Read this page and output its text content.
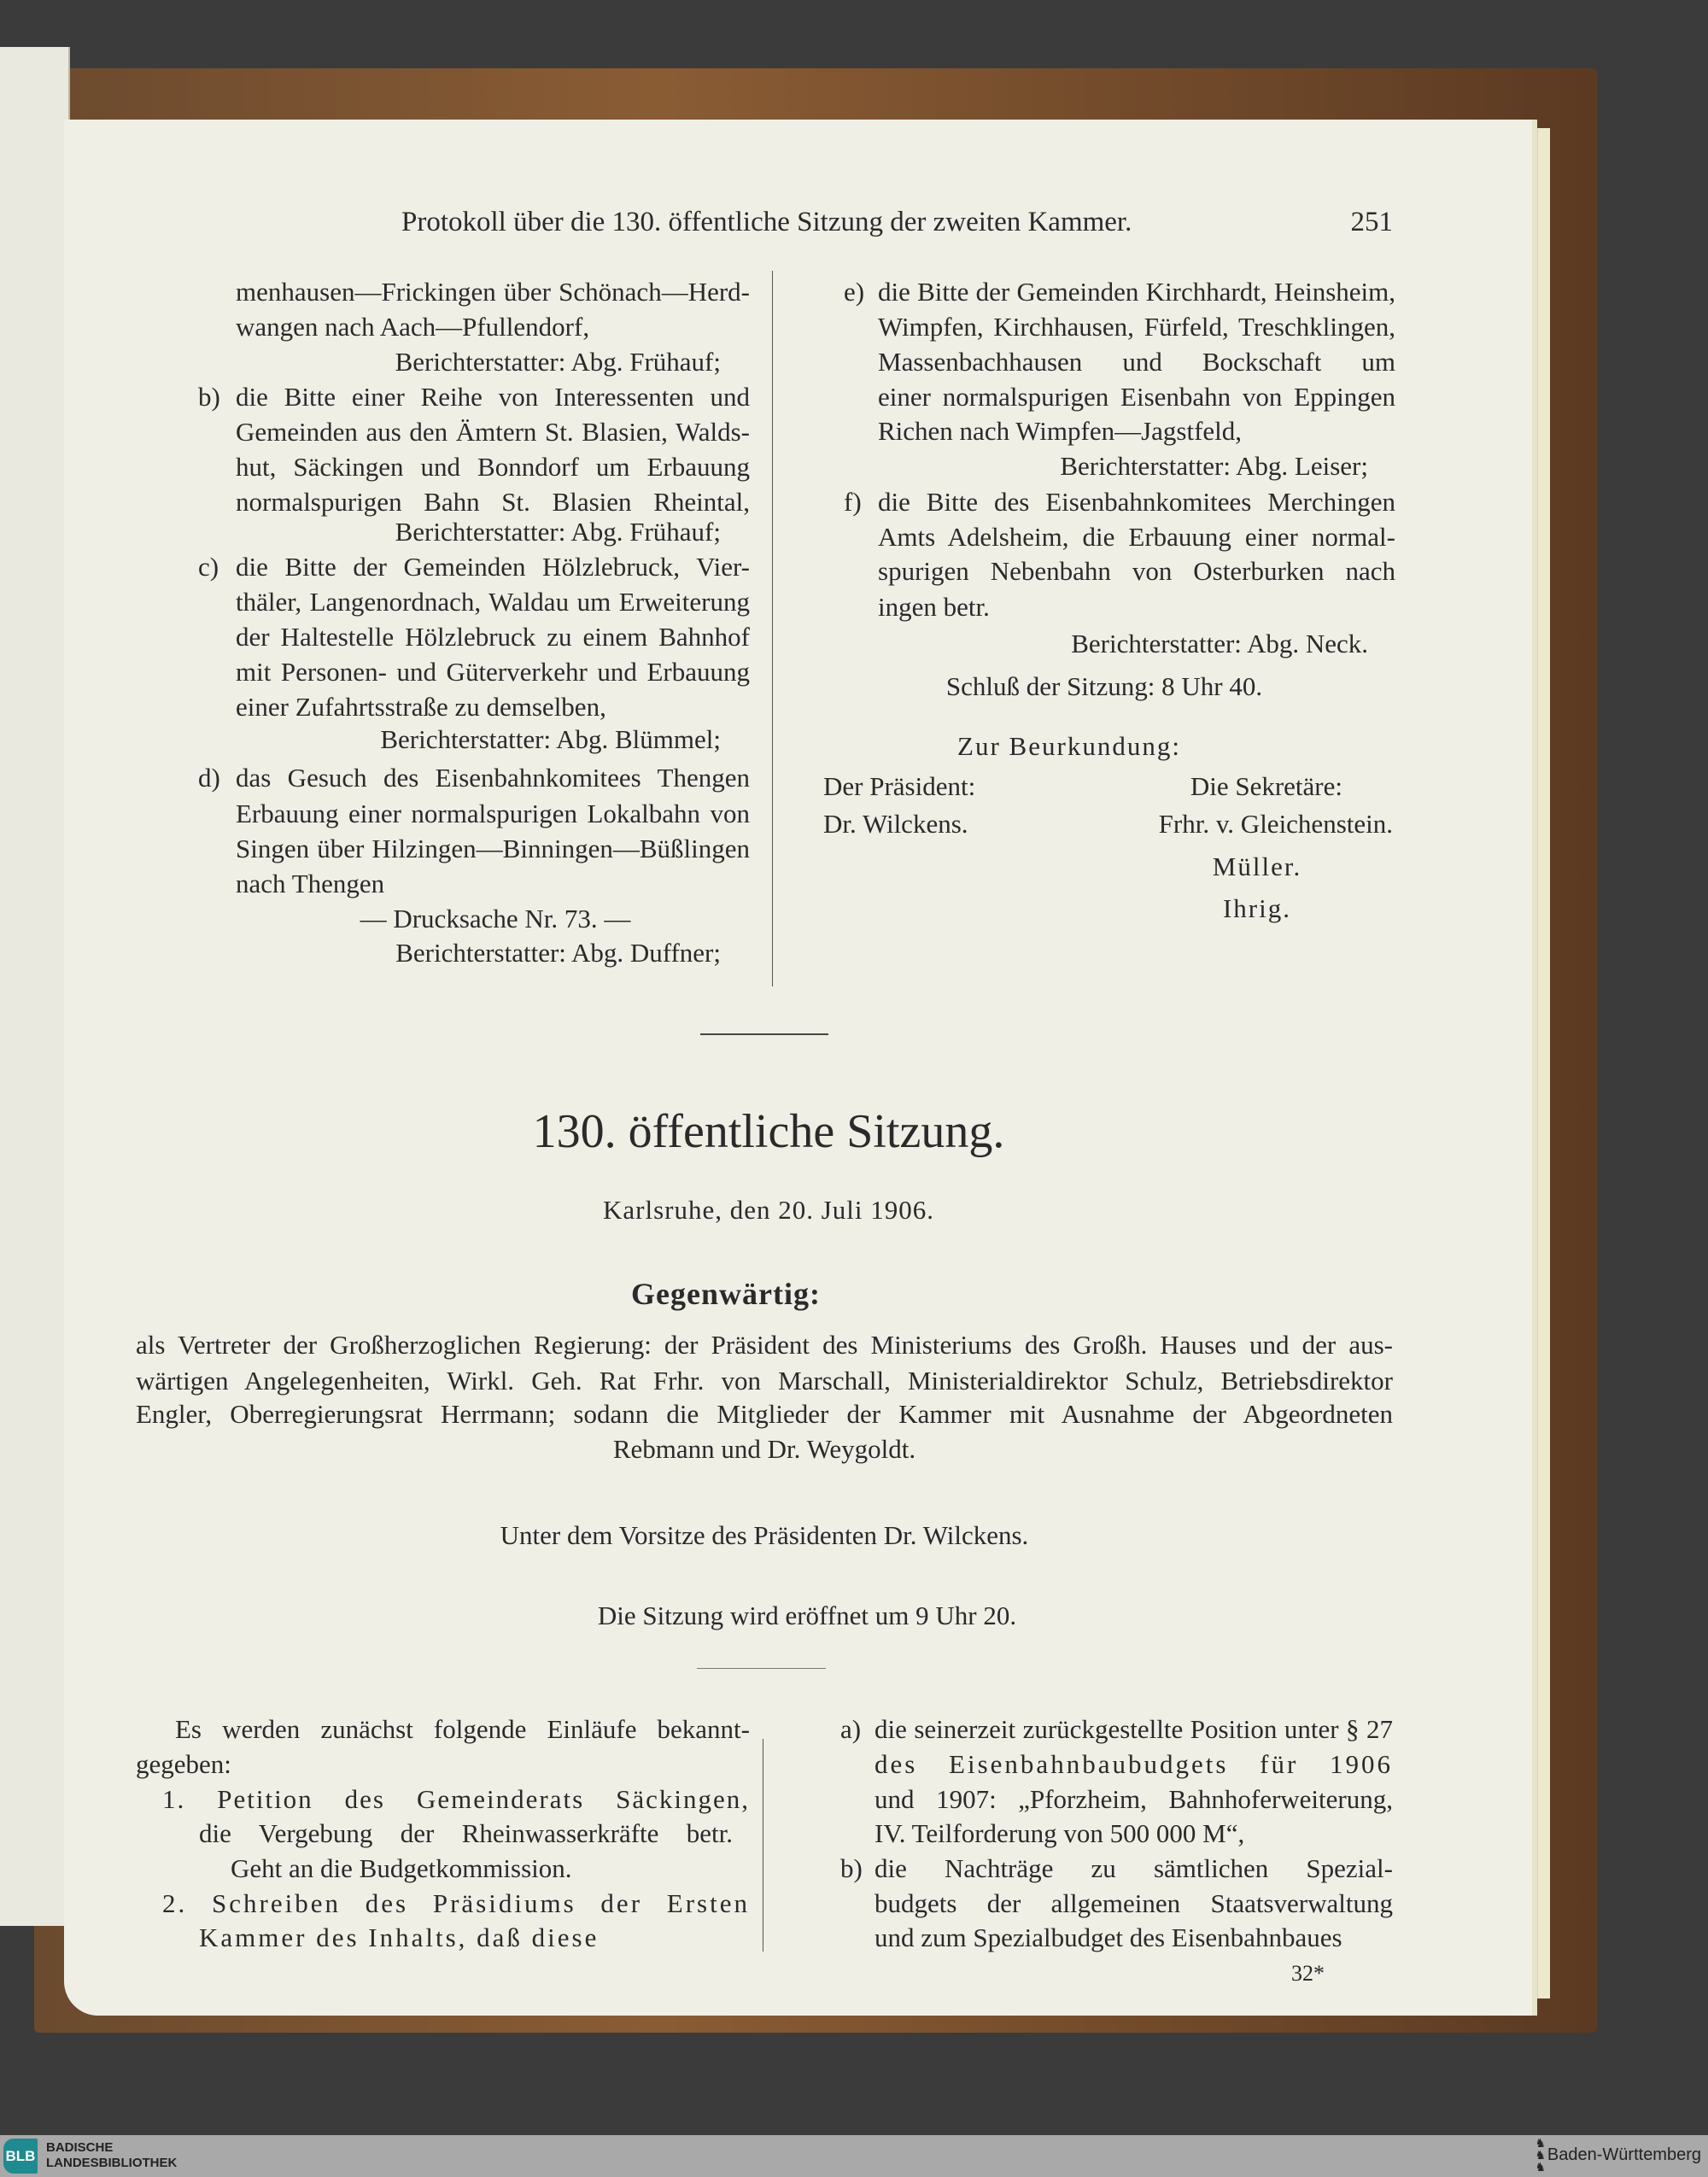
Protokoll über die 130. öffentliche Sitzung der zweiten Kammer.	251
menhausen—Frickingen über Schönach—Herd-
wangen nach Aach—Pfullendorf,
Berichterstatter: Abg. Frühauf;
b) die Bitte einer Reihe von Interessenten und
Gemeinden aus den Ämtern St. Blasien, Walds-
hut, Säckingen und Bonndorf um Erbauung
normalspurigen Bahn St. Blasien Rheintal,
Berichterstatter: Abg. Frühauf;
c) die Bitte der Gemeinden Hölzlebruck, Vier-
thäler, Langenordnach, Waldau um Erweiterung
der Haltestelle Hölzlebruck zu einem Bahnhof
mit Personen- und Güterverkehr und Erbauung
einer Zufahrtsstraße zu demselben,
Berichterstatter: Abg. Blümmel;
d) das Gesuch des Eisenbahnkomitees Thengen
Erbauung einer normalspurigen Lokalbahn von
Singen über Hilzingen—Binningen—Büßlingen
nach Thengen
— Drucksache Nr. 73. —
Berichterstatter: Abg. Duffner;
e) die Bitte der Gemeinden Kirchhardt, Heinsheim,
Wimpfen, Kirchhausen, Fürfeld, Treschklingen,
Massenbachhausen und Bockschaft um
einer normalspurigen Eisenbahn von Eppingen
Richen nach Wimpfen—Jagstfeld,
Berichterstatter: Abg. Leiser;
f) die Bitte des Eisenbahnkomitees Merchingen
Amts Adelsheim, die Erbauung einer normal-
spurigen Nebenbahn von Osterburken nach
ingen betr.
Berichterstatter: Abg. Neck.
Schluß der Sitzung: 8 Uhr 40.
Zur Beurkundung:
Der Präsident:	Die Sekretäre:
Dr. Wilckens.	Frhr. v. Gleichenstein.
Müller.
Ihrig.
130. öffentliche Sitzung.
Karlsruhe, den 20. Juli 1906.
Gegenwärtig:
als Vertreter der Großherzoglichen Regierung: der Präsident des Ministeriums des Großh. Hauses und der aus-
wärtigen Angelegenheiten, Wirkl. Geh. Rat Frhr. von Marschall, Ministerialdirektor Schulz, Betriebsdirektor
Engler, Oberregierungsrat Herrmann; sodann die Mitglieder der Kammer mit Ausnahme der Abgeordneten
Rebmann und Dr. Weygoldt.
Unter dem Vorsitze des Präsidenten Dr. Wilckens.
Die Sitzung wird eröffnet um 9 Uhr 20.
Es werden zunächst folgende Einläufe bekannt-
gegeben:
1. Petition des Gemeinderats Säckingen,
die Vergebung der Rheinwasserkräfte betr.
Geht an die Budgetkommission.
2. Schreiben des Präsidiums der Ersten
Kammer des Inhalts, daß diese
a) die seinerzeit zurückgestellte Position unter § 27
des Eisenbahnbaubudgets für 1906
und 1907: „Pforzheim, Bahnhoferweiterung,
IV. Teilforderung von 500 000 M“,
b) die Nachträge zu sämtlichen Spezial-
budgets der allgemeinen Staatsverwaltung
und zum Spezialbudget des Eisenbahnbaues
32*
BLB
BADISCHE
LANDESBIBLIOTHEK
♞
♞
♞
Baden-Württemberg
